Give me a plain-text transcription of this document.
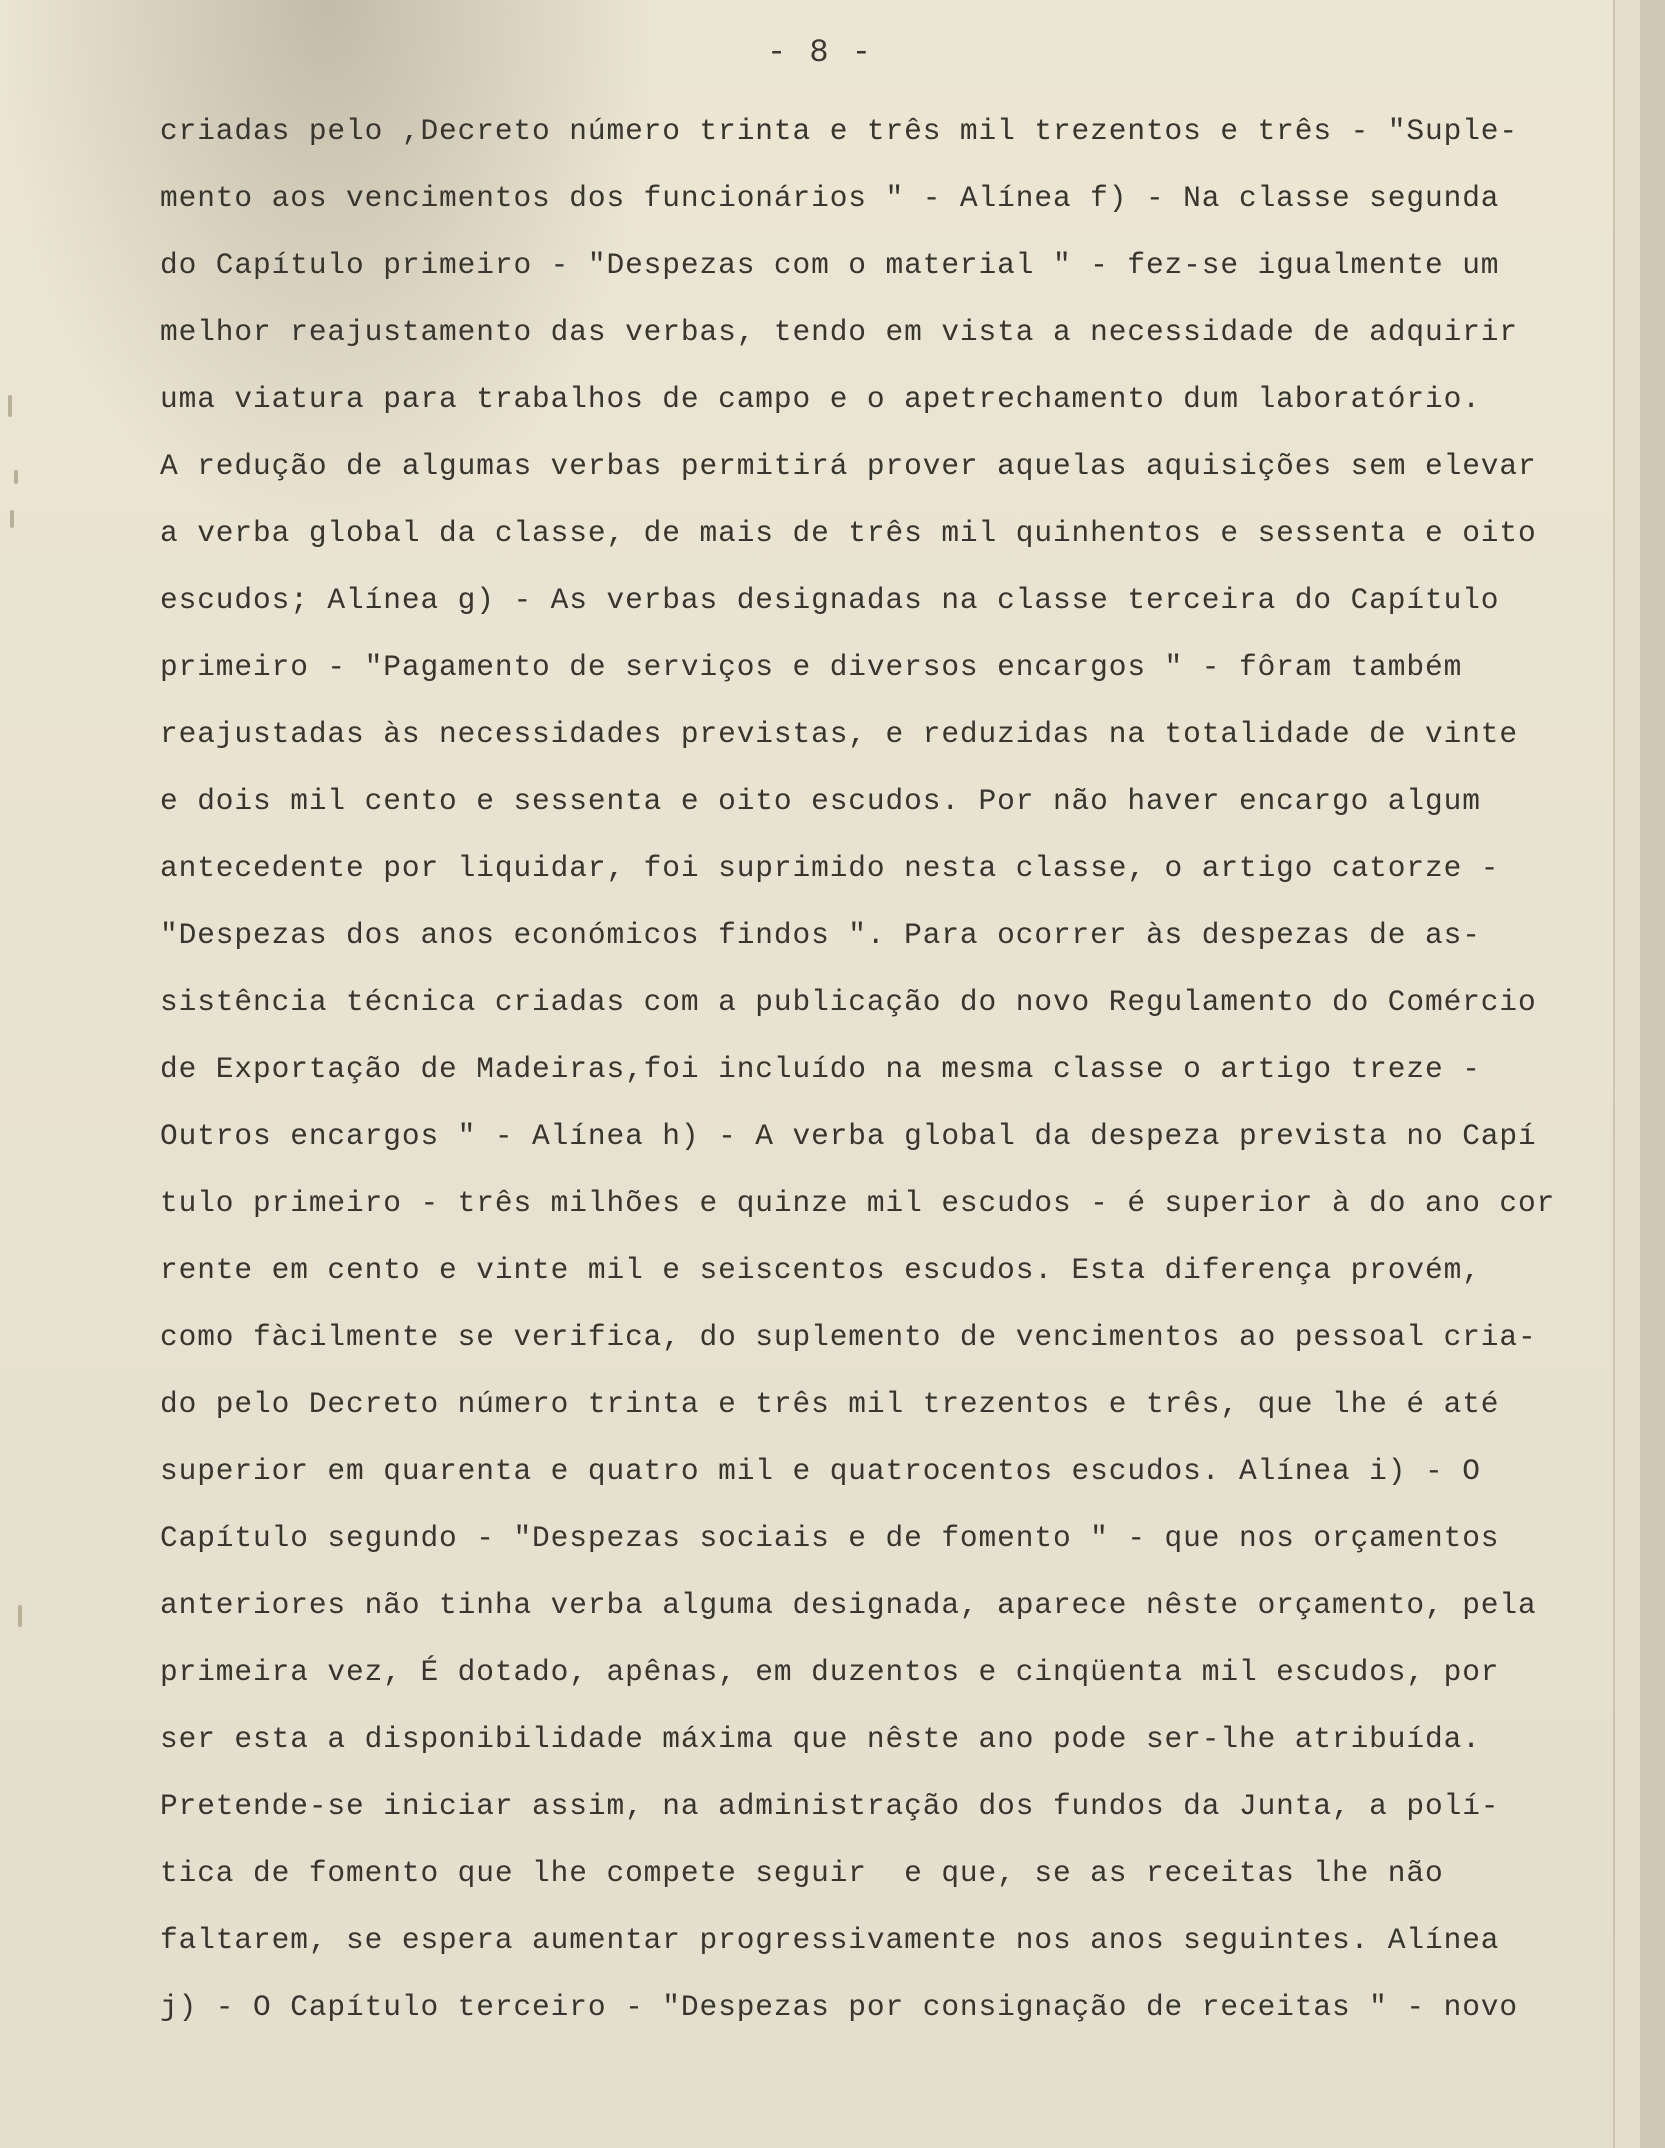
- 8 -
criadas pelo ,Decreto número trinta e três mil trezentos e três - "Suple-
mento aos vencimentos dos funcionários " - Alínea f) - Na classe segunda
do Capítulo primeiro - "Despezas com o material " - fez-se igualmente um
melhor reajustamento das verbas, tendo em vista a necessidade de adquirir
uma viatura para trabalhos de campo e o apetrechamento dum laboratório.
A redução de algumas verbas permitirá prover aquelas aquisições sem elevar
a verba global da classe, de mais de três mil quinhentos e sessenta e oito
escudos; Alínea g) - As verbas designadas na classe terceira do Capítulo
primeiro - "Pagamento de serviços e diversos encargos " - fôram também
reajustadas às necessidades previstas, e reduzidas na totalidade de vinte
e dois mil cento e sessenta e oito escudos. Por não haver encargo algum
antecedente por liquidar, foi suprimido nesta classe, o artigo catorze -
"Despezas dos anos económicos findos ". Para ocorrer às despezas de as-
sistência técnica criadas com a publicação do novo Regulamento do Comércio
de Exportação de Madeiras,foi incluído na mesma classe o artigo treze -
Outros encargos " - Alínea h) - A verba global da despeza prevista no Capí
tulo primeiro - três milhões e quinze mil escudos - é superior à do ano cor
rente em cento e vinte mil e seiscentos escudos. Esta diferença provém,
como fàcilmente se verifica, do suplemento de vencimentos ao pessoal cria-
do pelo Decreto número trinta e três mil trezentos e três, que lhe é até
superior em quarenta e quatro mil e quatrocentos escudos. Alínea i) - O
Capítulo segundo - "Despezas sociais e de fomento " - que nos orçamentos
anteriores não tinha verba alguma designada, aparece nêste orçamento, pela
primeira vez, É dotado, apênas, em duzentos e cinqüenta mil escudos, por
ser esta a disponibilidade máxima que nêste ano pode ser-lhe atribuída.
Pretende-se iniciar assim, na administração dos fundos da Junta, a polí-
tica de fomento que lhe compete seguir  e que, se as receitas lhe não
faltarem, se espera aumentar progressivamente nos anos seguintes. Alínea
j) - O Capítulo terceiro - "Despezas por consignação de receitas " - novo
